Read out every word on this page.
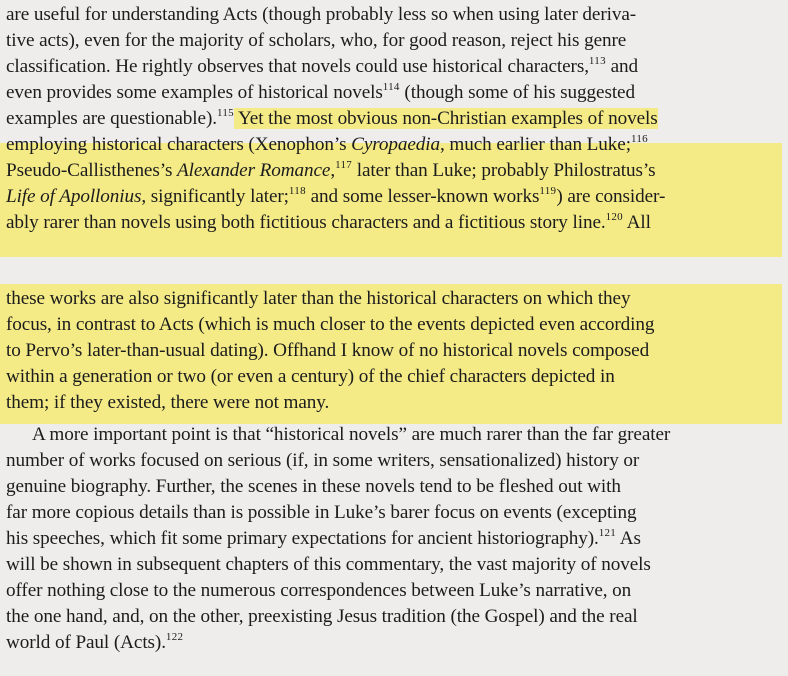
are useful for understanding Acts (though probably less so when using later deriva-
tive acts), even for the majority of scholars, who, for good reason, reject his genre
classification. He rightly observes that novels could use historical characters,$^{113}$ and
even provides some examples of historical novels$^{114}$ (though some of his suggested
examples are questionable).$^{115}$ Yet the most obvious non-Christian examples of novels
employing historical characters (Xenophon’s Cyropaedia, much earlier than Luke;$^{116}$
Pseudo-Callisthenes’s Alexander Romance,$^{117}$ later than Luke; probably Philostratus’s
Life of Apollonius, significantly later;$^{118}$ and some lesser-known works$^{119}$) are consider-
ably rarer than novels using both fictitious characters and a fictitious story line.$^{120}$ All
these works are also significantly later than the historical characters on which they
focus, in contrast to Acts (which is much closer to the events depicted even according
to Pervo’s later-than-usual dating). Offhand I know of no historical novels composed
within a generation or two (or even a century) of the chief characters depicted in
them; if they existed, there were not many.
A more important point is that “historical novels” are much rarer than the far greater
number of works focused on serious (if, in some writers, sensationalized) history or
genuine biography. Further, the scenes in these novels tend to be fleshed out with
far more copious details than is possible in Luke’s barer focus on events (excepting
his speeches, which fit some primary expectations for ancient historiography).$^{121}$ As
will be shown in subsequent chapters of this commentary, the vast majority of novels
offer nothing close to the numerous correspondences between Luke’s narrative, on
the one hand, and, on the other, preexisting Jesus tradition (the Gospel) and the real
world of Paul (Acts).$^{122}$
